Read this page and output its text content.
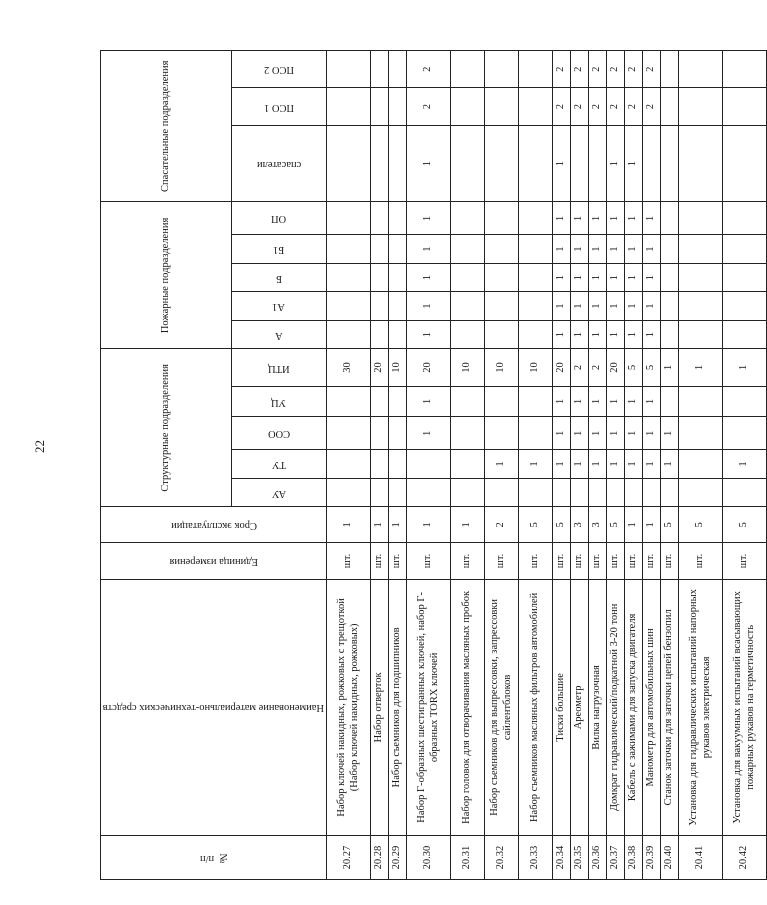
22
№ п/п	Наименование материально-технических средств	Единица измерения	Срок эксплуатации	Структурные подразделения					Пожарные подразделения					Спасательные подразделения		

				АУ	ТУ	СОО	УЦ	ИТЦ	А	А1	Б	Б1	ОП	спасатели	ПСО 1	ПСО 2

20.27	Набор ключей накидных, рожковых с трещоткой (Набор ключей накидных, рожковых)	шт.	1					30								
20.28	Набор отверток	шт.	1					20								
20.29	Набор съемников для подшипников	шт.	1					10								
20.30	Набор Г-образных шестигранных ключей, набор Г-образных TORX ключей	шт.	1			1	1	20	1	1	1	1	1	1	2	2
20.31	Набор головок для отворачивания масляных пробок	шт.	1					10								
20.32	Набор съемников для выпрессовки, запрессовки сайлентблоков	шт.	2		1			10								
20.33	Набор съемников масляных фильтров автомобилей	шт.	5		1			10								
20.34	Тиски большие	шт.	5		1	1	1	20	1	1	1	1	1	1	2	2
20.35	Ареометр	шт.	3		1	1	1	2	1	1	1	1	1		2	2
20.36	Вилка нагрузочная	шт.	3		1	1	1	2	1	1	1	1	1		2	2
20.37	Домкрат гидравлический/подкатной 3-20 тонн	шт.	5		1	1	1	20	1	1	1	1	1	1	2	2
20.38	Кабель с зажимами для запуска двигателя	шт.	1		1	1	1	5	1	1	1	1	1	1	2	2
20.39	Манометр для автомобильных шин	шт.	1		1	1	1	5	1	1	1	1	1		2	2
20.40	Станок заточки для заточки цепей бензопил	шт.	5		1	1		1								
20.41	Установка для гидравлических испытаний напорных рукавов электрическая	шт.	5					1								
20.42	Установка для вакуумных испытаний всасывающих пожарных рукавов на герметичность	шт.	5		1			1								
